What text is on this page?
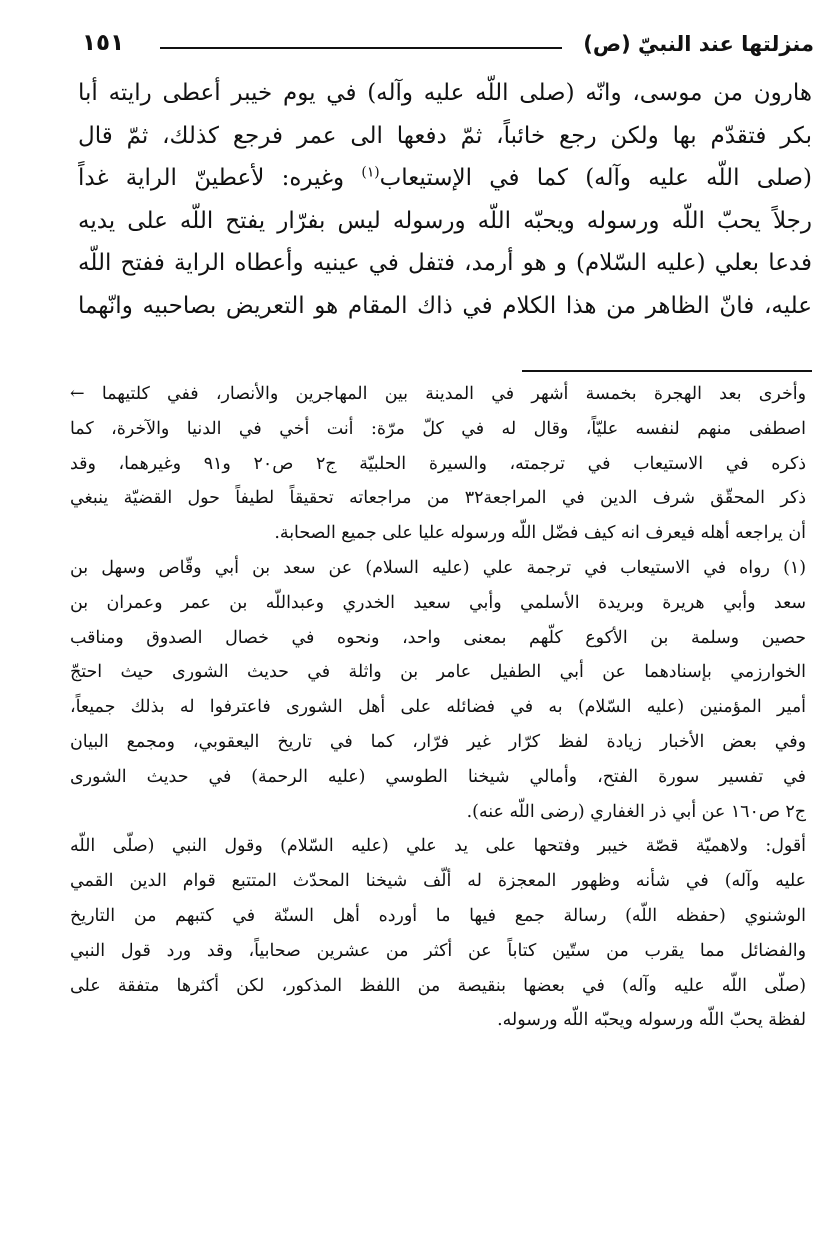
منزلتها عند النبيّ (ص)
١٥١
هارون من موسى، وانّه (صلى اللّه عليه وآله) في يوم خيبر أعطى رايته أبا
بكر فتقدّم بها ولكن رجع خائباً، ثمّ دفعها الى عمر فرجع كذلك، ثمّ قال
(صلى اللّه عليه وآله) كما في الإستيعاب$^{(١)}$ وغيره: لأعطينّ الراية غداً
رجلاً يحبّ اللّه ورسوله ويحبّه اللّه ورسوله ليس بفرّار يفتح اللّه على يديه
فدعا بعلي (عليه السّلام) و هو أرمد، فتفل في عينيه وأعطاه الراية ففتح اللّه
عليه، فانّ الظاهر من هذا الكلام في ذاك المقام هو التعريض بصاحبيه وانّهما
وأخرى بعد الهجرة بخمسة أشهر في المدينة بين المهاجرين والأنصار، ففي كلتيهما ←
اصطفى منهم لنفسه عليّاً، وقال له في كلّ مرّة: أنت أخي في الدنيا والآخرة، كما
ذكره في الاستيعاب في ترجمته، والسيرة الحلبيّة ج٢ ص٢٠ و٩١ وغيرهما، وقد
ذكر المحقّق شرف الدين في المراجعة٣٢ من مراجعاته تحقيقاً لطيفاً حول القضيّة ينبغي
أن يراجعه أهله فيعرف انه كيف فضّل اللّه ورسوله عليا على جميع الصحابة.
(١) رواه في الاستيعاب في ترجمة علي (عليه السلام) عن سعد بن أبي وقّاص وسهل بن
سعد وأبي هريرة وبريدة الأسلمي وأبي سعيد الخدري وعبداللّه بن عمر وعمران بن
حصين وسلمة بن الأكوع كلّهم بمعنى واحد، ونحوه في خصال الصدوق ومناقب
الخوارزمي بإسنادهما عن أبي الطفيل عامر بن واثلة في حديث الشورى حيث احتجّ
أمير المؤمنين (عليه السّلام) به في فضائله على أهل الشورى فاعترفوا له بذلك جميعاً،
وفي بعض الأخبار زيادة لفظ كرّار غير فرّار، كما في تاريخ اليعقوبي، ومجمع البيان
في تفسير سورة الفتح، وأمالي شيخنا الطوسي (عليه الرحمة) في حديث الشورى
ج٢ ص١٦٠ عن أبي ذر الغفاري (رضى اللّه عنه).
أقول: ولاهميّة قصّة خيبر وفتحها على يد علي (عليه السّلام) وقول النبي (صلّى اللّه
عليه وآله) في شأنه وظهور المعجزة له ألّف شيخنا المحدّث المتتبع قوام الدين القمي
الوشنوي (حفظه اللّه) رسالة جمع فيها ما أورده أهل السنّة في كتبهم من التاريخ
والفضائل مما يقرب من ستّين كتاباً عن أكثر من عشرين صحابياً، وقد ورد قول النبي
(صلّى اللّه عليه وآله) في بعضها بنقيصة من اللفظ المذكور، لكن أكثرها متفقة على
لفظة يحبّ اللّه ورسوله ويحبّه اللّه ورسوله.
